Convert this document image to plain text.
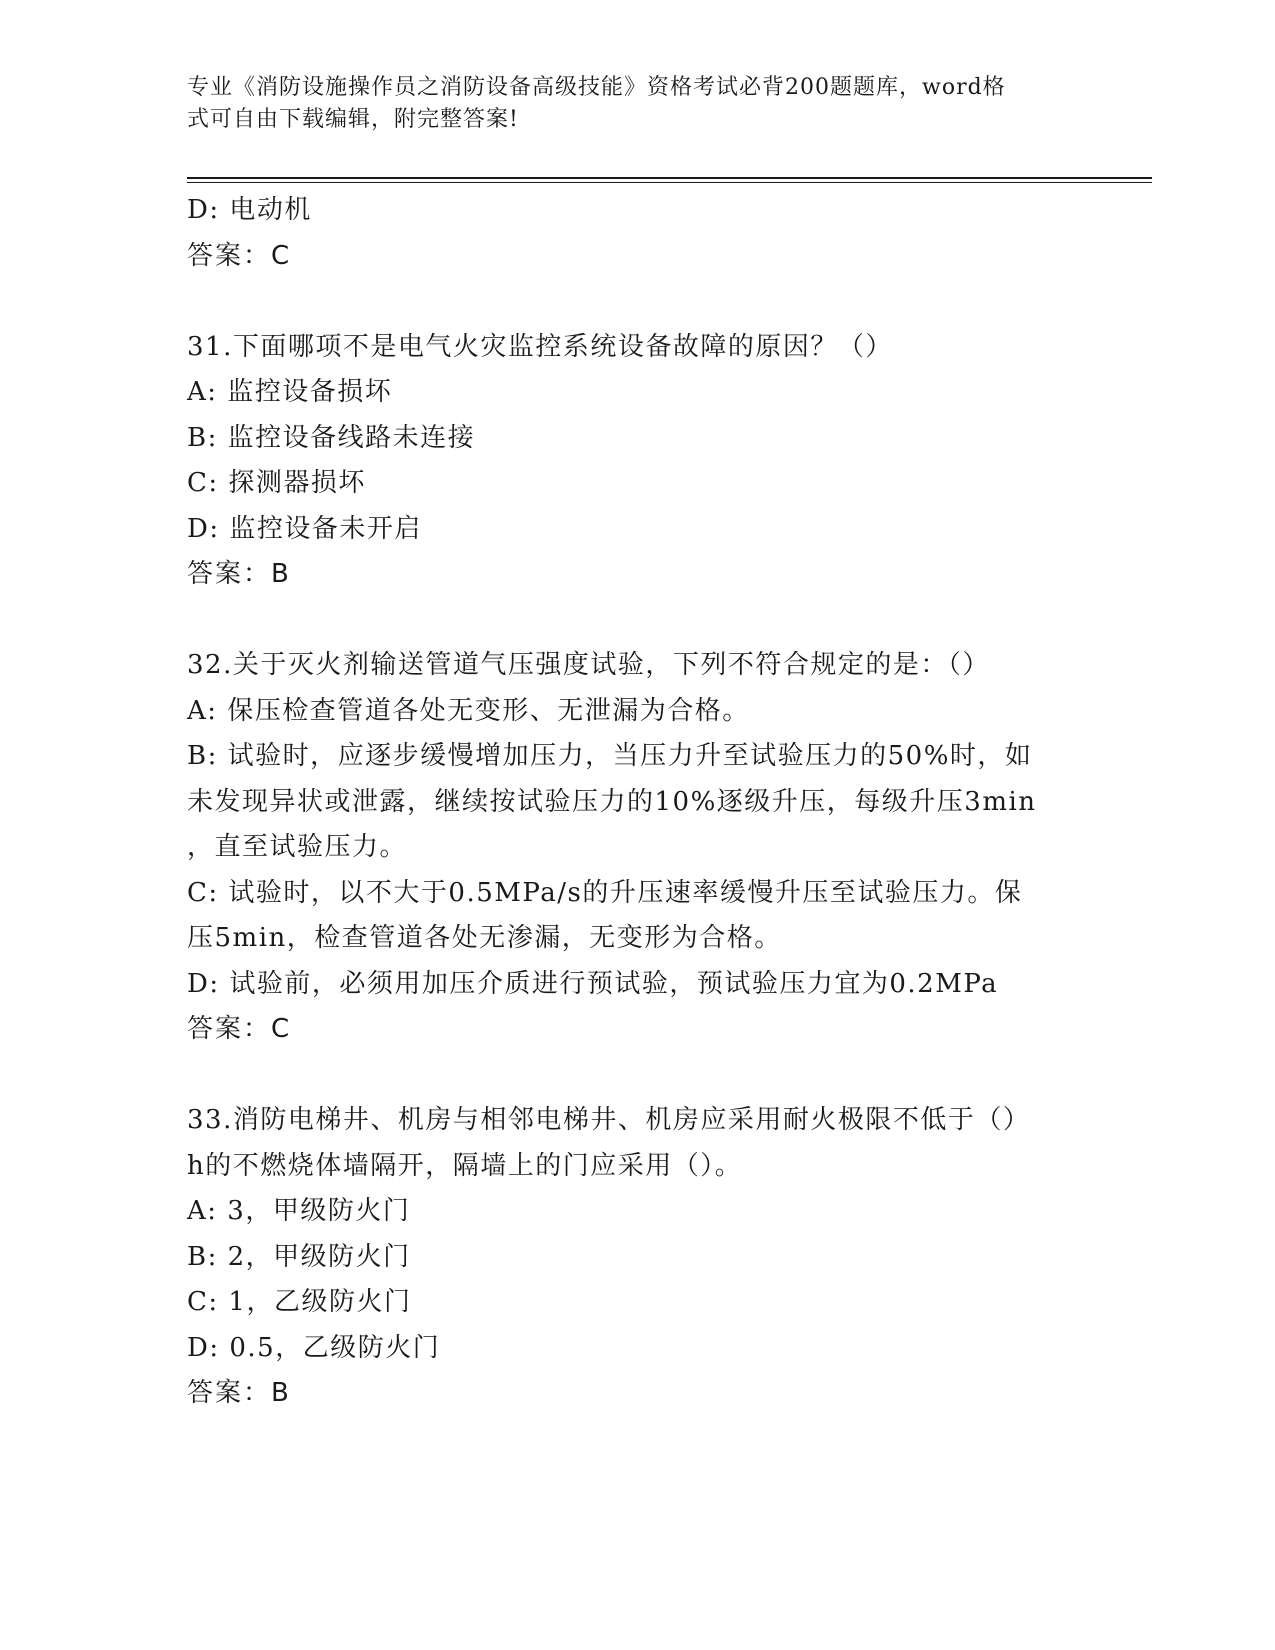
专业《消防设施操作员之消防设备高级技能》资格考试必背200题题库，word格
式可自由下载编辑，附完整答案!
D: 电动机
答案：C
31.下面哪项不是电气火灾监控系统设备故障的原因？（）
A: 监控设备损坏
B: 监控设备线路未连接
C: 探测器损坏
D: 监控设备未开启
答案：B
32.关于灭火剂输送管道气压强度试验，下列不符合规定的是：（）
A: 保压检查管道各处无变形、无泄漏为合格。
B: 试验时，应逐步缓慢增加压力，当压力升至试验压力的50%时，如
未发现异状或泄露，继续按试验压力的10%逐级升压，每级升压3min
，直至试验压力。
C: 试验时，以不大于0.5MPa/s的升压速率缓慢升压至试验压力。保
压5min，检查管道各处无渗漏，无变形为合格。
D: 试验前，必须用加压介质进行预试验，预试验压力宜为0.2MPa
答案：C
33.消防电梯井、机房与相邻电梯井、机房应采用耐火极限不低于（）
h的不燃烧体墙隔开，隔墙上的门应采用（）。
A: 3，甲级防火门
B: 2，甲级防火门
C: 1，乙级防火门
D: 0.5，乙级防火门
答案：B
